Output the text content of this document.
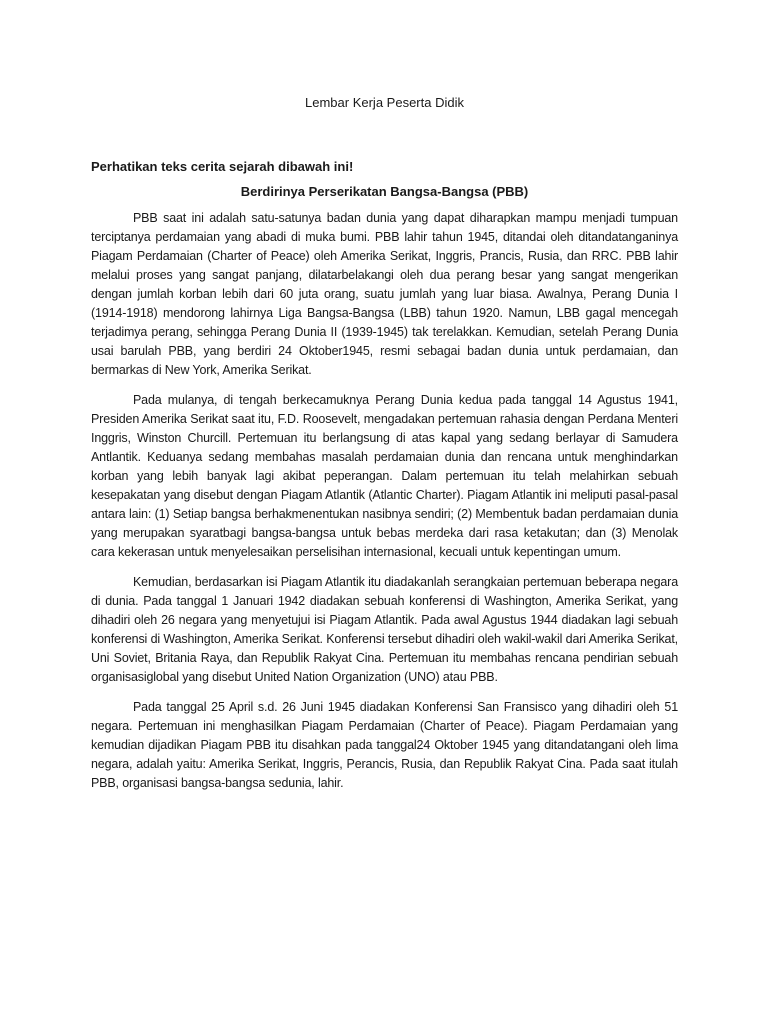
Lembar Kerja Peserta Didik

Perhatikan teks cerita sejarah dibawah ini!

Berdirinya Perserikatan Bangsa-Bangsa (PBB)

PBB saat ini adalah satu-satunya badan dunia yang dapat diharapkan mampu menjadi tumpuan terciptanya perdamaian yang abadi di muka bumi. PBB lahir tahun 1945, ditandai oleh ditandatanganinya Piagam Perdamaian (Charter of Peace) oleh Amerika Serikat, Inggris, Prancis, Rusia, dan RRC. PBB lahir melalui proses yang sangat panjang, dilatarbelakangi oleh dua perang besar yang sangat mengerikan dengan jumlah korban lebih dari 60 juta orang, suatu jumlah yang luar biasa. Awalnya, Perang Dunia I (1914-1918) mendorong lahirnya Liga Bangsa-Bangsa (LBB) tahun 1920. Namun, LBB gagal mencegah terjadimya perang, sehingga Perang Dunia II (1939-1945) tak terelakkan. Kemudian, setelah Perang Dunia usai barulah PBB, yang berdiri 24 Oktober1945, resmi sebagai badan dunia untuk perdamaian, dan bermarkas di New York, Amerika Serikat.

Pada mulanya, di tengah berkecamuknya Perang Dunia kedua pada tanggal 14 Agustus 1941, Presiden Amerika Serikat saat itu, F.D. Roosevelt, mengadakan pertemuan rahasia dengan Perdana Menteri Inggris, Winston Churcill. Pertemuan itu berlangsung di atas kapal yang sedang berlayar di Samudera Antlantik. Keduanya sedang membahas masalah perdamaian dunia dan rencana untuk menghindarkan korban yang lebih banyak lagi akibat peperangan. Dalam pertemuan itu telah melahirkan sebuah kesepakatan yang disebut dengan Piagam Atlantik (Atlantic Charter). Piagam Atlantik ini meliputi pasal-pasal antara lain: (1) Setiap bangsa berhakmenentukan nasibnya sendiri; (2) Membentuk badan perdamaian dunia yang merupakan syaratbagi bangsa-bangsa untuk bebas merdeka dari rasa ketakutan; dan (3) Menolak cara kekerasan untuk menyelesaikan perselisihan internasional, kecuali untuk kepentingan umum.

Kemudian, berdasarkan isi Piagam Atlantik itu diadakanlah serangkaian pertemuan beberapa negara di dunia. Pada tanggal 1 Januari 1942 diadakan sebuah konferensi di Washington, Amerika Serikat, yang dihadiri oleh 26 negara yang menyetujui isi Piagam Atlantik. Pada awal Agustus 1944 diadakan lagi sebuah konferensi di Washington, Amerika Serikat. Konferensi tersebut dihadiri oleh wakil-wakil dari Amerika Serikat, Uni Soviet, Britania Raya, dan Republik Rakyat Cina. Pertemuan itu membahas rencana pendirian sebuah organisasiglobal yang disebut United Nation Organization (UNO) atau PBB.

Pada tanggal 25 April s.d. 26 Juni 1945 diadakan Konferensi San Fransisco yang dihadiri oleh 51 negara. Pertemuan ini menghasilkan Piagam Perdamaian (Charter of Peace). Piagam Perdamaian yang kemudian dijadikan Piagam PBB itu disahkan pada tanggal24 Oktober 1945 yang ditandatangani oleh lima negara, adalah yaitu: Amerika Serikat, Inggris, Perancis, Rusia, dan Republik Rakyat Cina. Pada saat itulah PBB, organisasi bangsa-bangsa sedunia, lahir.
